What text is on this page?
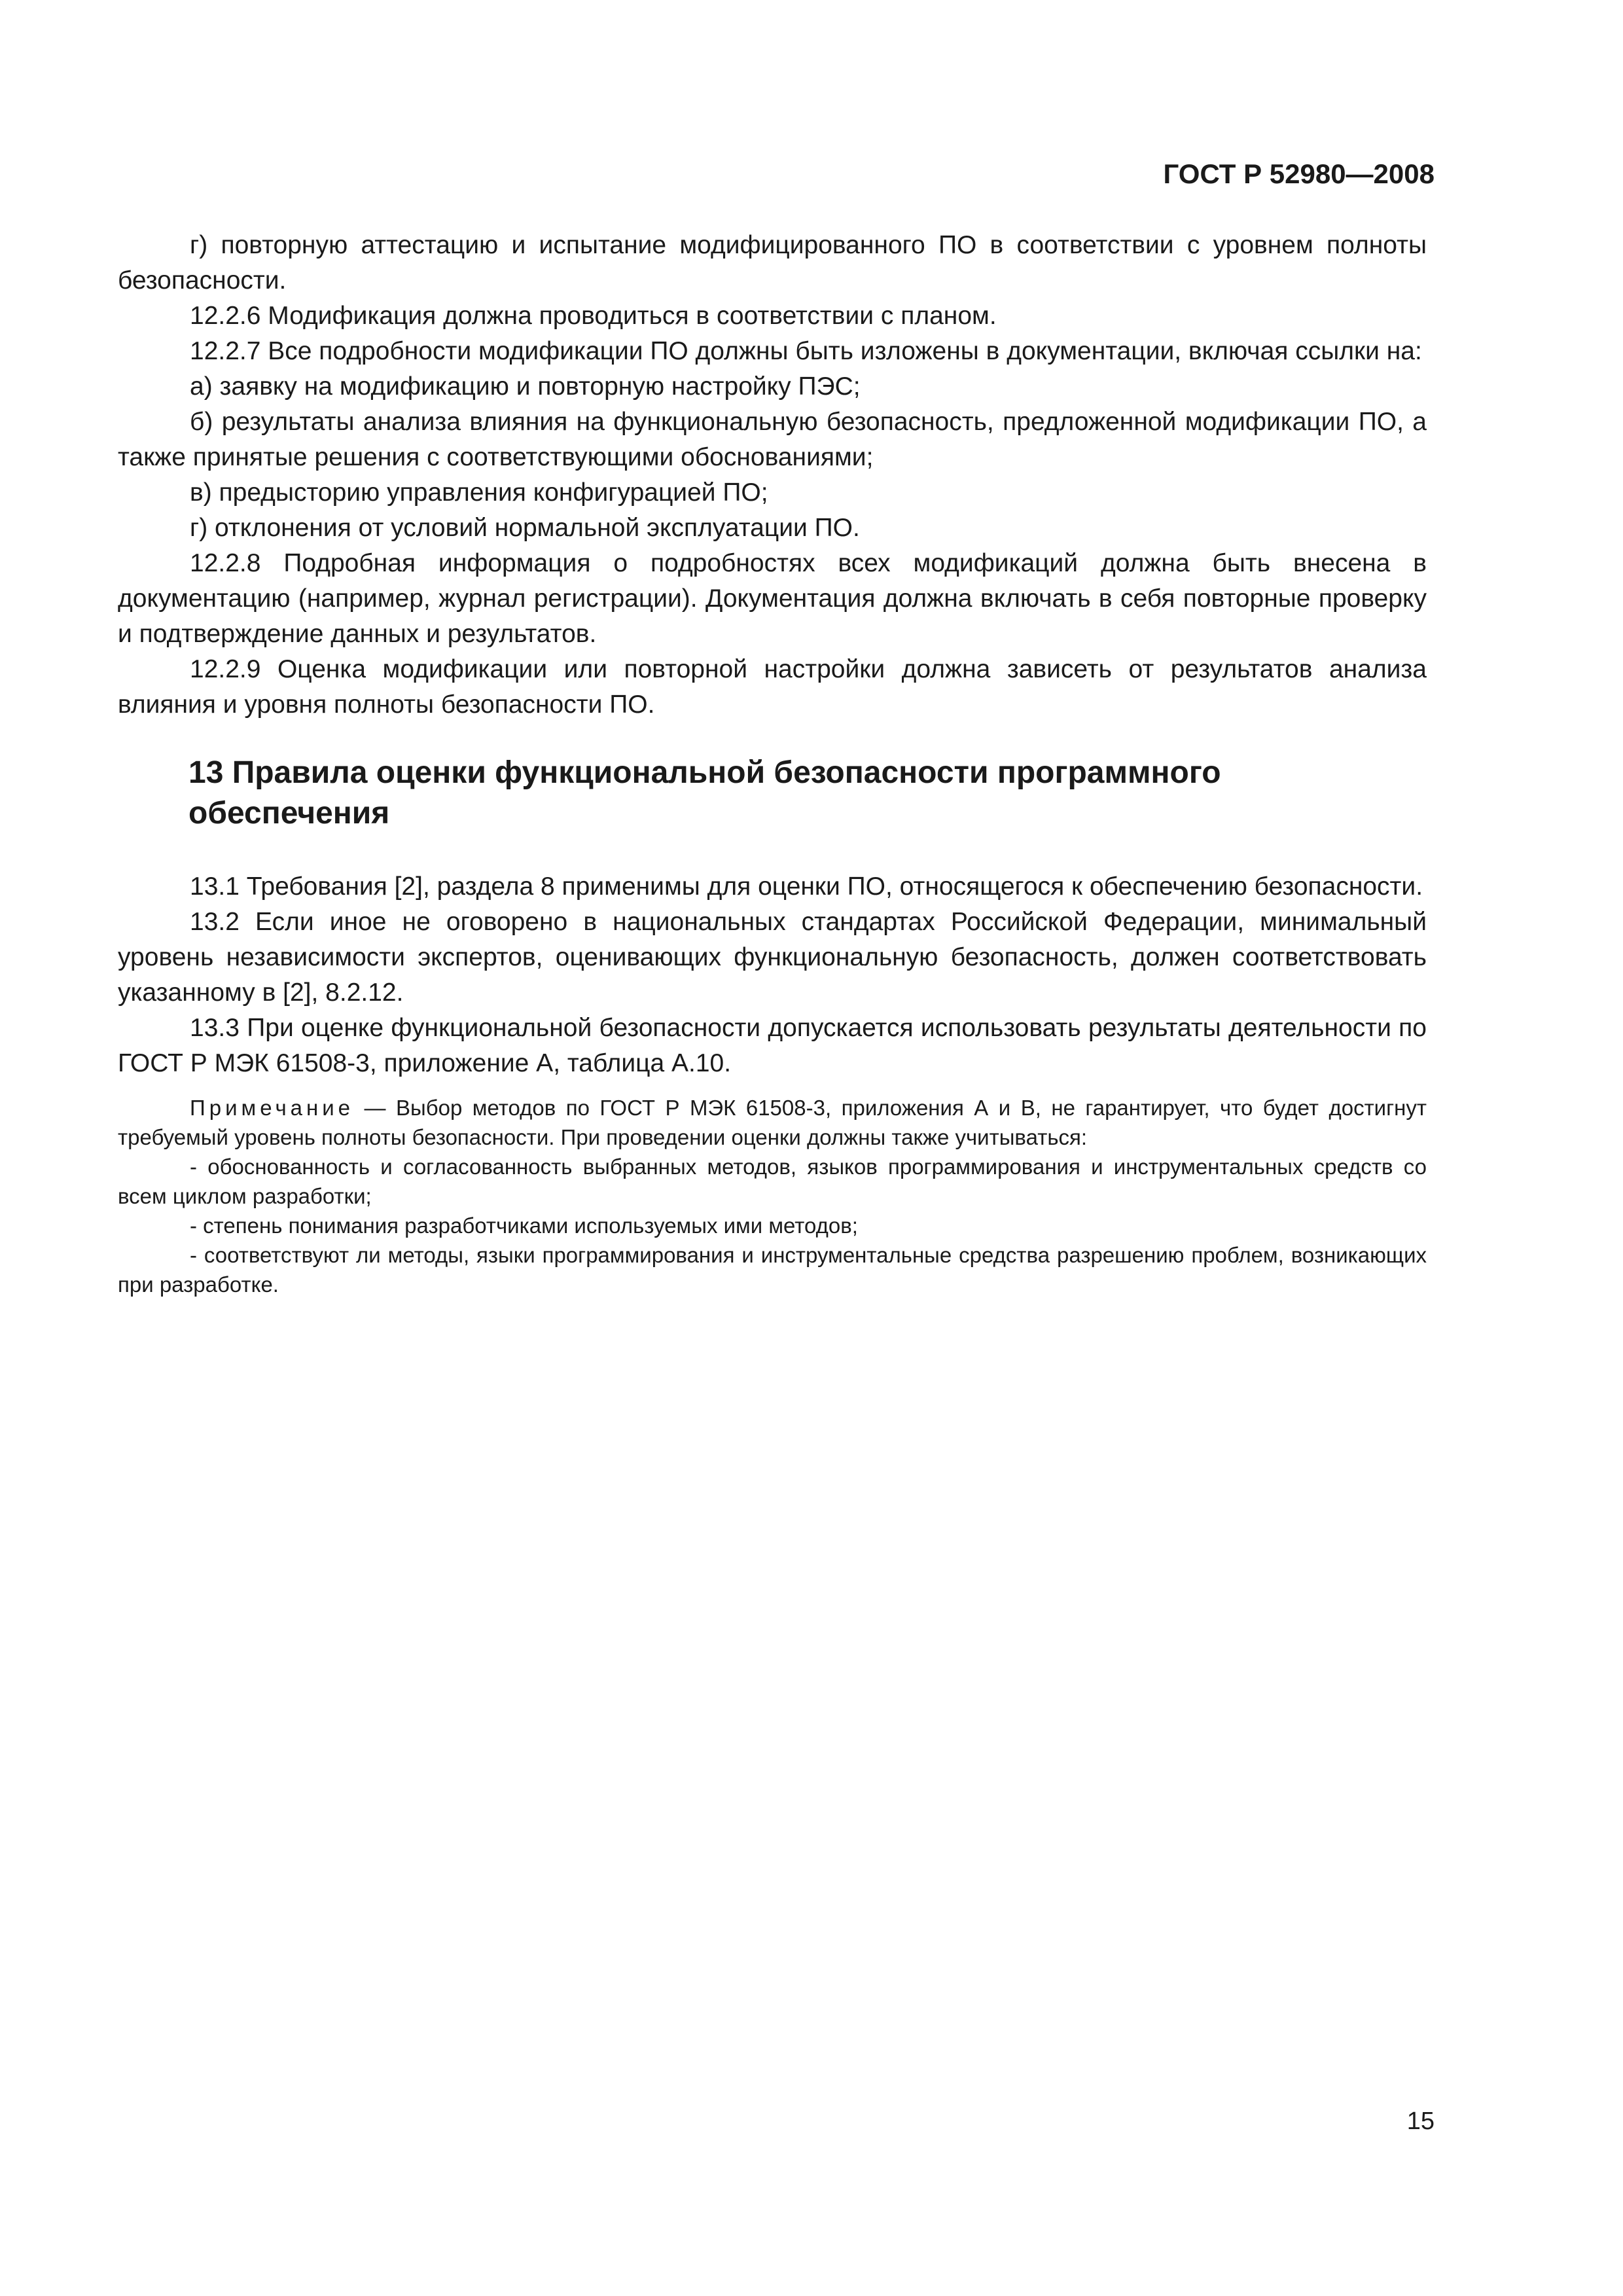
ГОСТ Р 52980—2008

г) повторную аттестацию и испытание модифицированного ПО в соответствии с уровнем полноты безопасности.

12.2.6 Модификация должна проводиться в соответствии с планом.

12.2.7 Все подробности модификации ПО должны быть изложены в документации, включая ссылки на:

а) заявку на модификацию и повторную настройку ПЭС;

б) результаты анализа влияния на функциональную безопасность, предложенной модификации ПО, а также принятые решения с соответствующими обоснованиями;

в) предысторию управления конфигурацией ПО;

г) отклонения от условий нормальной эксплуатации ПО.

12.2.8 Подробная информация о подробностях всех модификаций должна быть внесена в документацию (например, журнал регистрации). Документация должна включать в себя повторные проверку и подтверждение данных и результатов.

12.2.9 Оценка модификации или повторной настройки должна зависеть от результатов анализа влияния и уровня полноты безопасности ПО.

13 Правила оценки функциональной безопасности программного обеспечения

13.1 Требования [2], раздела 8 применимы для оценки ПО, относящегося к обеспечению безопасности.

13.2 Если иное не оговорено в национальных стандартах Российской Федерации, минимальный уровень независимости экспертов, оценивающих функциональную безопасность, должен соответствовать указанному в [2], 8.2.12.

13.3 При оценке функциональной безопасности допускается использовать результаты деятельности по ГОСТ Р МЭК 61508-3, приложение А, таблица А.10.

Примечание — Выбор методов по ГОСТ Р МЭК 61508-3, приложения А и В, не гарантирует, что будет достигнут требуемый уровень полноты безопасности. При проведении оценки должны также учитываться:

- обоснованность и согласованность выбранных методов, языков программирования и инструментальных средств со всем циклом разработки;

- степень понимания разработчиками используемых ими методов;

- соответствуют ли методы, языки программирования и инструментальные средства разрешению проблем, возникающих при разработке.

15
